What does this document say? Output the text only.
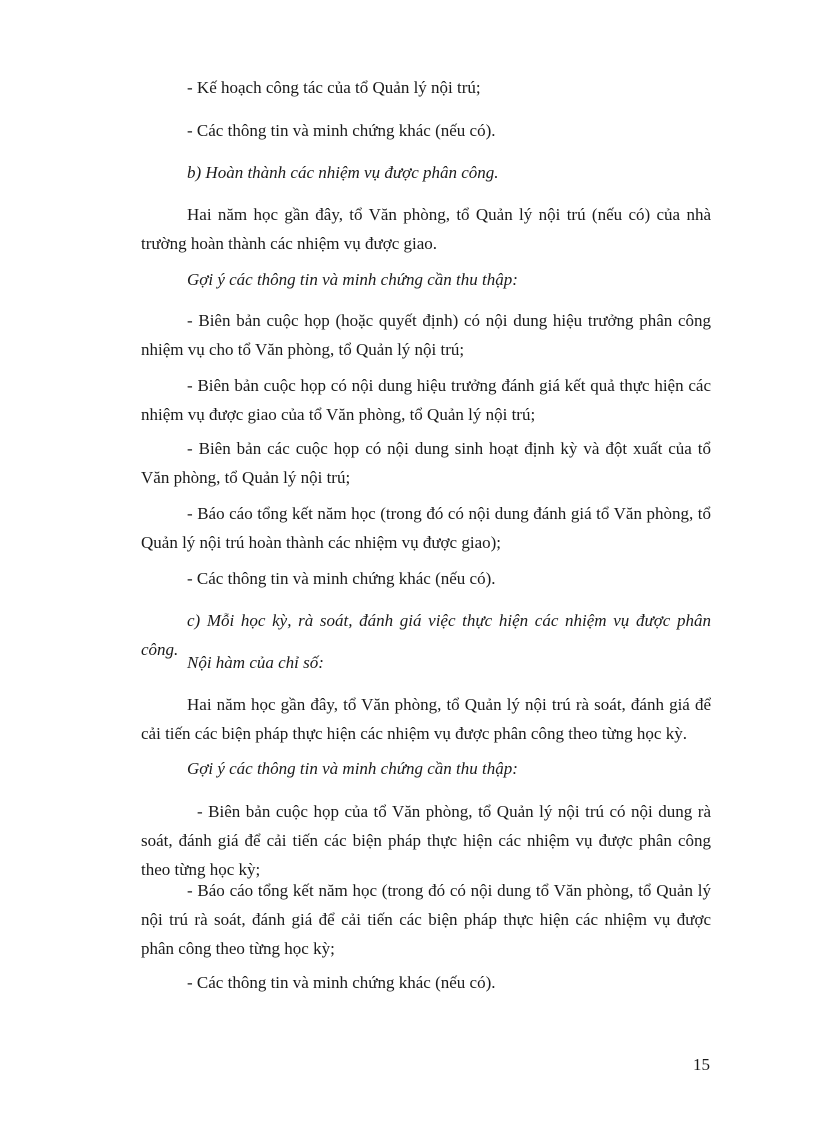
- Kế hoạch công tác của tổ Quản lý nội trú;

- Các thông tin và minh chứng khác (nếu có).

b) Hoàn thành các nhiệm vụ được phân công.

Hai năm học gần đây, tổ Văn phòng, tổ Quản lý nội trú (nếu có) của nhà trường hoàn thành các nhiệm vụ được giao.

Gợi ý các thông tin và minh chứng cần thu thập:

- Biên bản cuộc họp (hoặc quyết định) có nội dung hiệu trưởng phân công nhiệm vụ cho tổ Văn phòng, tổ Quản lý nội trú;

- Biên bản cuộc họp có nội dung hiệu trưởng đánh giá kết quả thực hiện các nhiệm vụ được giao của tổ Văn phòng, tổ Quản lý nội trú;

- Biên bản các cuộc họp có nội dung sinh hoạt định kỳ và đột xuất của tổ Văn phòng, tổ Quản lý nội trú;

- Báo cáo tổng kết năm học (trong đó có nội dung đánh giá tổ Văn phòng, tổ Quản lý nội trú hoàn thành các nhiệm vụ được giao);

- Các thông tin và minh chứng khác (nếu có).

c) Mỗi học kỳ, rà soát, đánh giá việc thực hiện các nhiệm vụ được phân công.

Nội hàm của chỉ số:

Hai năm học gần đây, tổ Văn phòng, tổ Quản lý nội trú rà soát, đánh giá để cải tiến các biện pháp thực hiện các nhiệm vụ được phân công theo từng học kỳ.

Gợi ý các thông tin và minh chứng cần thu thập:

- Biên bản cuộc họp của tổ Văn phòng, tổ Quản lý nội trú có nội dung rà soát, đánh giá để cải tiến các biện pháp thực hiện các nhiệm vụ được phân công theo từng học kỳ;

- Báo cáo tổng kết năm học (trong đó có nội dung tổ Văn phòng, tổ Quản lý nội trú rà soát, đánh giá để cải tiến các biện pháp thực hiện các nhiệm vụ được phân công theo từng học kỳ;

- Các thông tin và minh chứng khác (nếu có).

15
